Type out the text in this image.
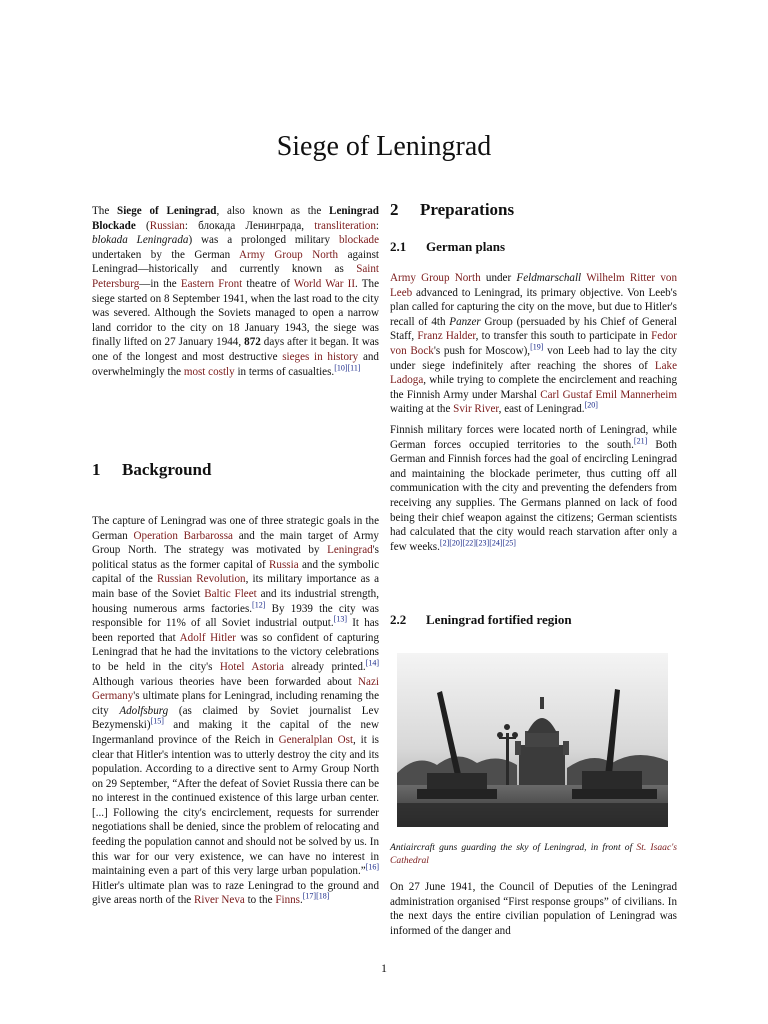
Siege of Leningrad

The Siege of Leningrad, also known as the Leningrad Blockade (Russian: блокада Ленинграда, transliteration: blokada Leningrada) was a prolonged military blockade undertaken by the German Army Group North against Leningrad—historically and currently known as Saint Petersburg—in the Eastern Front theatre of World War II. The siege started on 8 September 1941, when the last road to the city was severed. Although the Soviets managed to open a narrow land corridor to the city on 18 January 1943, the siege was finally lifted on 27 January 1944, 872 days after it began. It was one of the longest and most destructive sieges in history and overwhelmingly the most costly in terms of casualties.[10][11]

1 Background

The capture of Leningrad was one of three strategic goals in the German Operation Barbarossa and the main target of Army Group North. The strategy was motivated by Leningrad's political status as the former capital of Russia and the symbolic capital of the Russian Revolution, its military importance as a main base of the Soviet Baltic Fleet and its industrial strength, housing numerous arms factories.[12] By 1939 the city was responsible for 11% of all Soviet industrial output.[13] It has been reported that Adolf Hitler was so confident of capturing Leningrad that he had the invitations to the victory celebrations to be held in the city's Hotel Astoria already printed.[14] Although various theories have been forwarded about Nazi Germany's ultimate plans for Leningrad, including renaming the city Adolfsburg (as claimed by Soviet journalist Lev Bezymenski)[15] and making it the capital of the new Ingermanland province of the Reich in Generalplan Ost, it is clear that Hitler's intention was to utterly destroy the city and its population. According to a directive sent to Army Group North on 29 September, “After the defeat of Soviet Russia there can be no interest in the continued existence of this large urban center. [...] Following the city's encirclement, requests for surrender negotiations shall be denied, since the problem of relocating and feeding the population cannot and should not be solved by us. In this war for our very existence, we can have no interest in maintaining even a part of this very large urban population.”[16] Hitler's ultimate plan was to raze Leningrad to the ground and give areas north of the River Neva to the Finns.[17][18]

2 Preparations
2.1 German plans

Army Group North under Feldmarschall Wilhelm Ritter von Leeb advanced to Leningrad, its primary objective. Von Leeb's plan called for capturing the city on the move, but due to Hitler's recall of 4th Panzer Group (persuaded by his Chief of General Staff, Franz Halder, to transfer this south to participate in Fedor von Bock's push for Moscow),[19] von Leeb had to lay the city under siege indefinitely after reaching the shores of Lake Ladoga, while trying to complete the encirclement and reaching the Finnish Army under Marshal Carl Gustaf Emil Mannerheim waiting at the Svir River, east of Leningrad.[20]

Finnish military forces were located north of Leningrad, while German forces occupied territories to the south.[21] Both German and Finnish forces had the goal of encircling Leningrad and maintaining the blockade perimeter, thus cutting off all communication with the city and preventing the defenders from receiving any supplies. The Germans planned on lack of food being their chief weapon against the citizens; German scientists had calculated that the city would reach starvation after only a few weeks.[2][20][22][23][24][25]

2.2 Leningrad fortified region
Antiaircraft guns guarding the sky of Leningrad, in front of St. Isaac's Cathedral

On 27 June 1941, the Council of Deputies of the Leningrad administration organised “First response groups” of civilians. In the next days the entire civilian population of Leningrad was informed of the danger and

1
